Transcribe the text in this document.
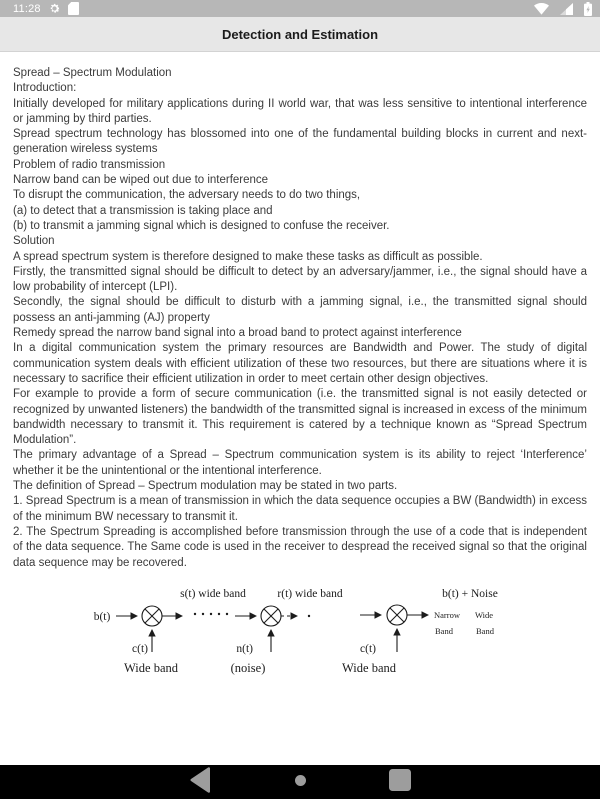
11:28
Detection and Estimation

Spread – Spectrum Modulation

Introduction:

Initially developed for military applications during II world war, that was less sensitive to intentional interference or jamming by third parties.

Spread spectrum technology has blossomed into one of the fundamental building blocks in current and next-generation wireless systems

Problem of radio transmission

Narrow band can be wiped out due to interference

To disrupt the communication, the adversary needs to do two things,

(a) to detect that a transmission is taking place and

(b) to transmit a jamming signal which is designed to confuse the receiver.

Solution

A spread spectrum system is therefore designed to make these tasks as difficult as possible.

Firstly, the transmitted signal should be difficult to detect by an adversary/jammer, i.e., the signal should have a low probability of intercept (LPI).

Secondly, the signal should be difficult to disturb with a jamming signal, i.e., the transmitted signal should possess an anti-jamming (AJ) property

Remedy spread the narrow band signal into a broad band to protect against interference

In a digital communication system the primary resources are Bandwidth and Power. The study of digital communication system deals with efficient utilization of these two resources, but there are situations where it is necessary to sacrifice their efficient utilization in order to meet certain other design objectives.

For example to provide a form of secure communication (i.e. the transmitted signal is not easily detected or recognized by unwanted listeners) the bandwidth of the transmitted signal is increased in excess of the minimum bandwidth necessary to transmit it. This requirement is catered by a technique known as “Spread Spectrum Modulation”.

The primary advantage of a Spread – Spectrum communication system is its ability to reject ‘Interference’ whether it be the unintentional or the intentional interference.

The definition of Spread – Spectrum modulation may be stated in two parts.

1. Spread Spectrum is a mean of transmission in which the data sequence occupies a BW (Bandwidth) in excess of the minimum BW necessary to transmit it.

2. The Spectrum Spreading is accomplished before transmission through the use of a code that is independent of the data sequence. The Same code is used in the receiver to despread the received signal so that the original data sequence may be recovered.

s(t) wide band	r(t) wide band	b(t) + Noise
b(t)	Narrow Wide
Band	Band
c(t)
Wide band
n(t)
(noise)
c(t)
Wide band
